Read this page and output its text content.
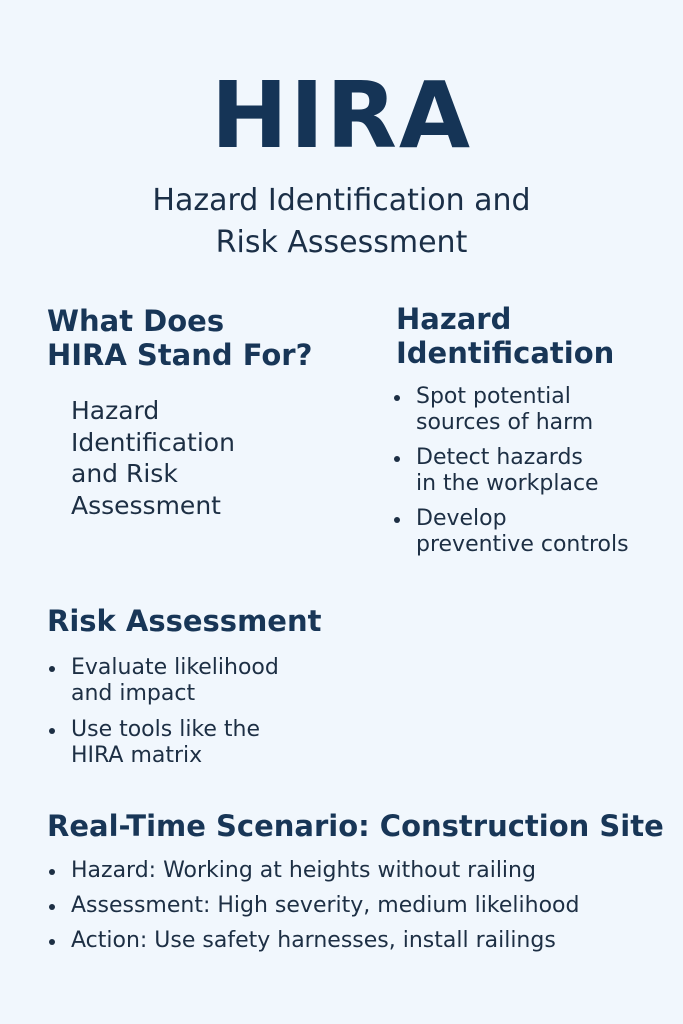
HIRA
Hazard Identification and
Risk Assessment
What Does
HIRA Stand For?
Hazard
Identification
and Risk
Assessment
Hazard
Identification
Spot potential
sources of harm
Detect hazards
in the workplace
Develop
preventive controls
Risk Assessment
Evaluate likelihood
and impact
Use tools like the
HIRA matrix
Real-Time Scenario: Construction Site
Hazard: Working at heights without railing
Assessment: High severity, medium likelihood
Action: Use safety harnesses, install railings
